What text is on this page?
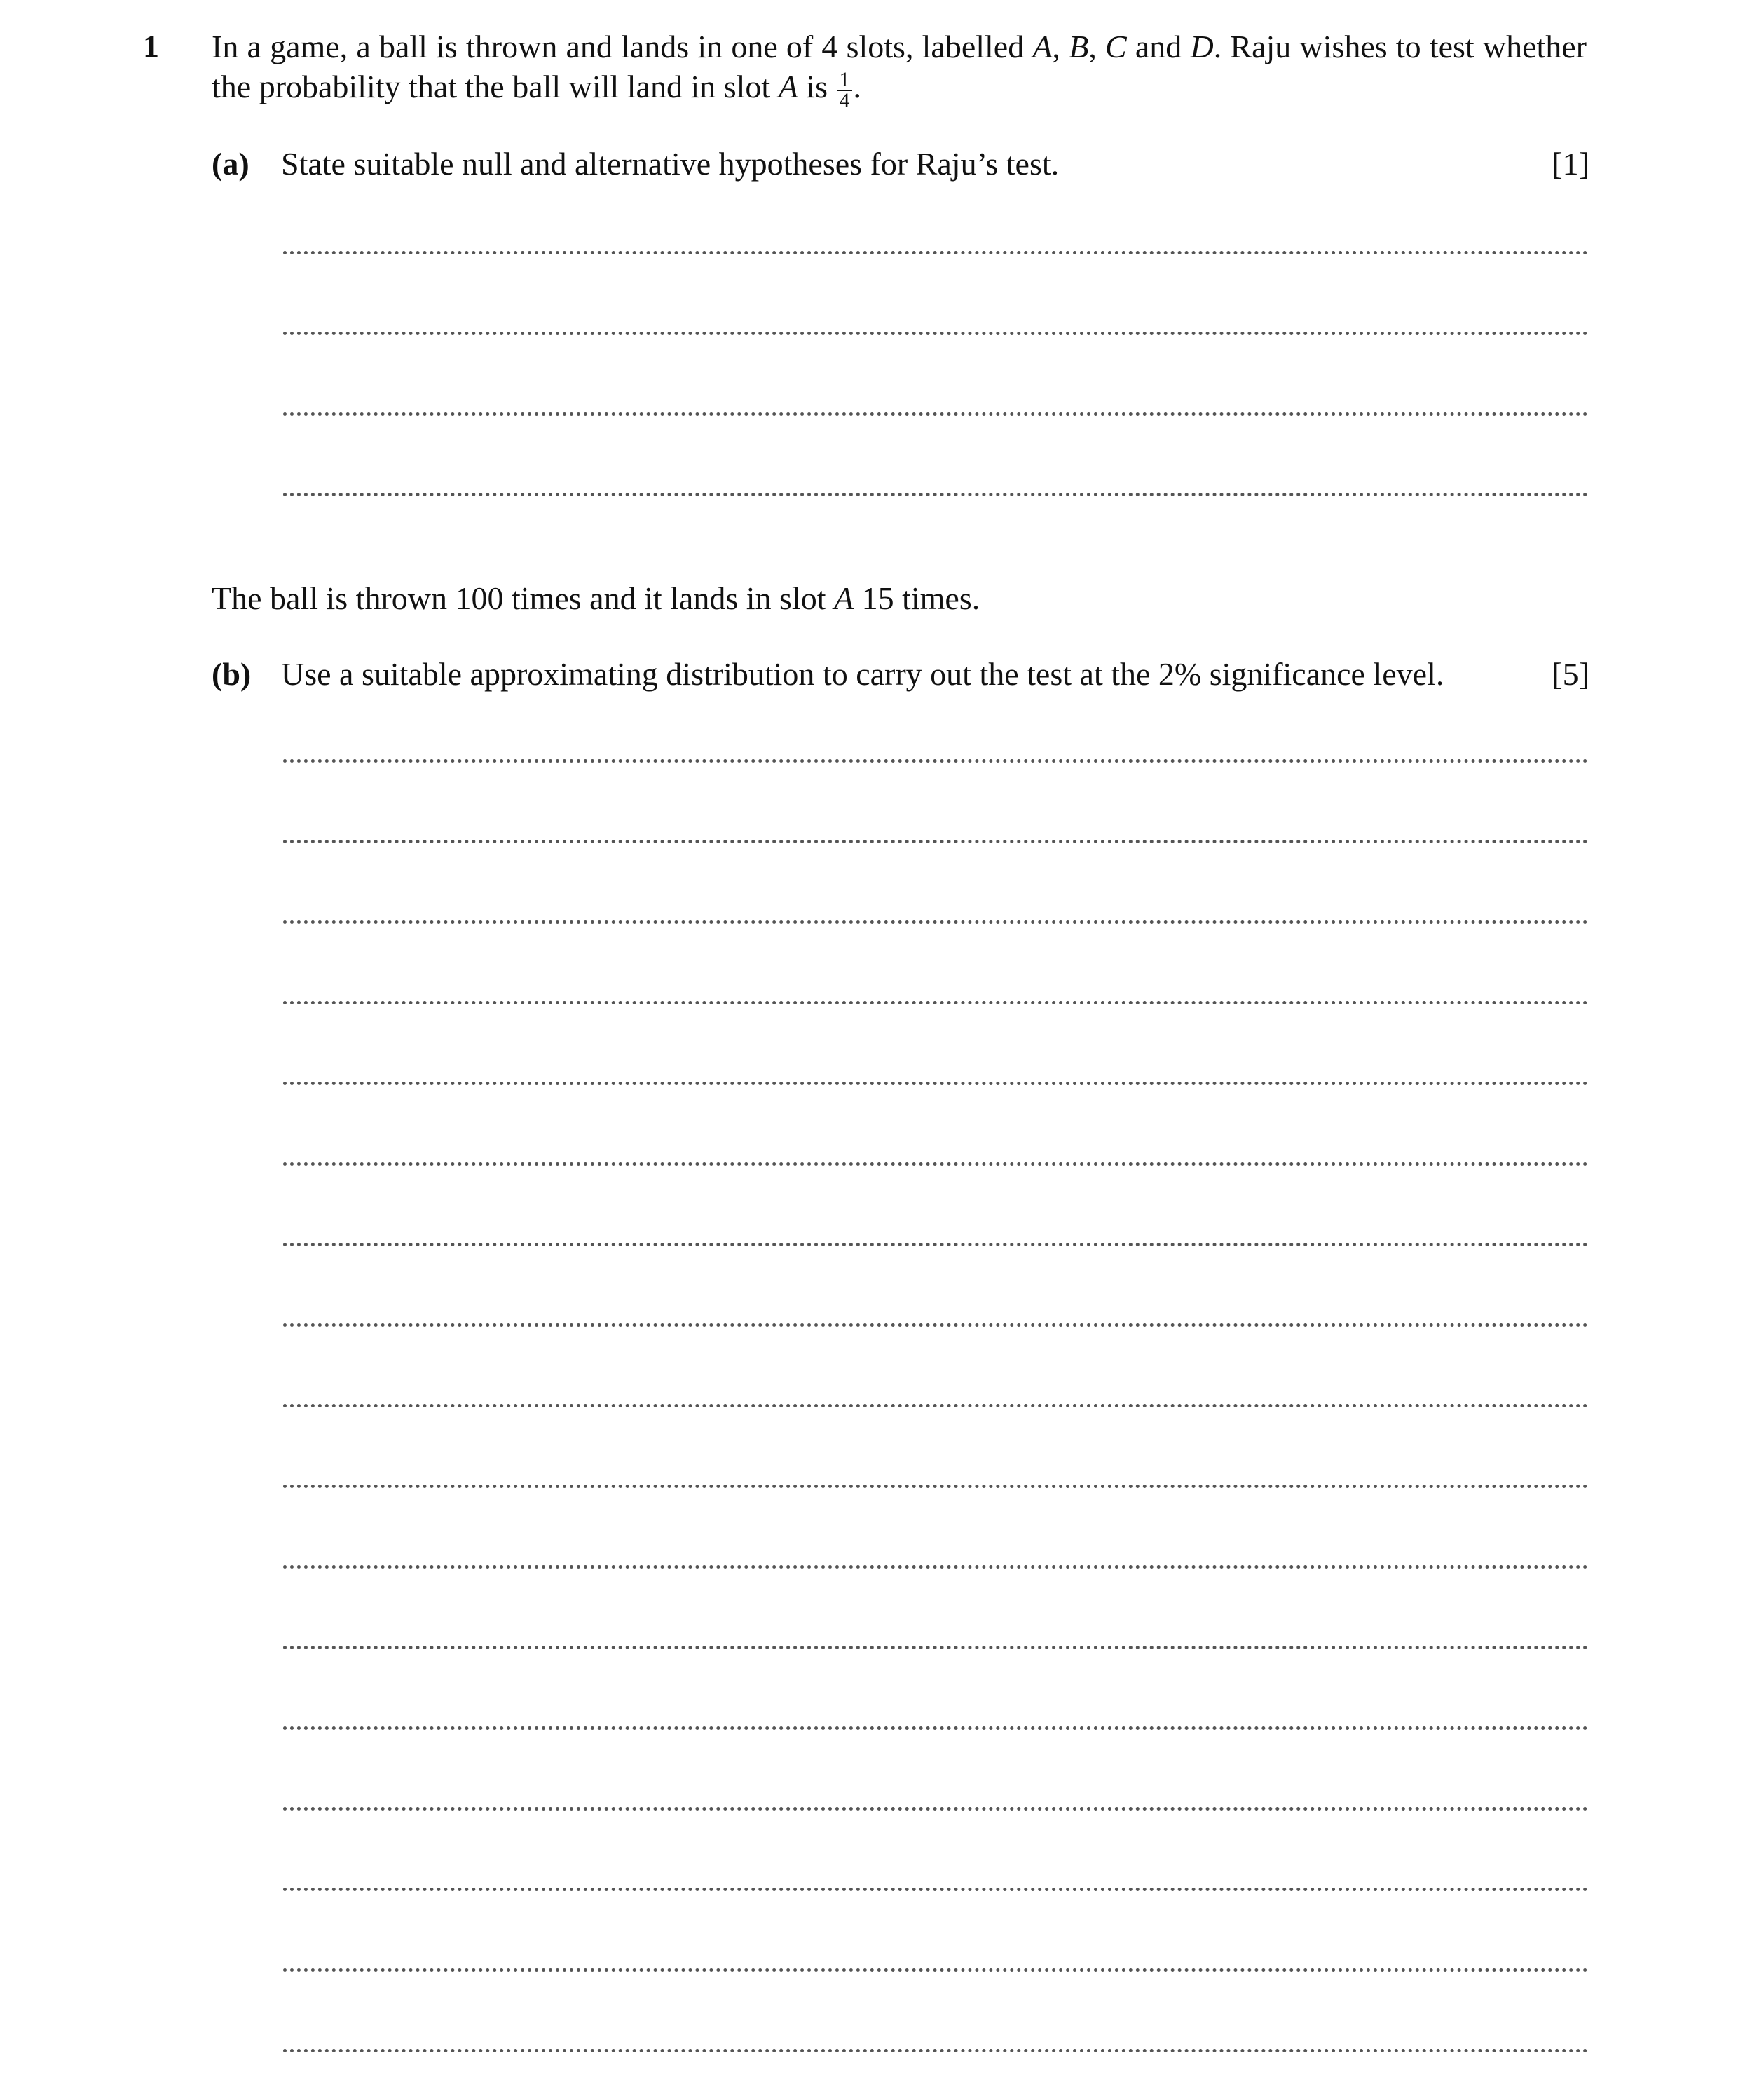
1 In a game, a ball is thrown and lands in one of 4 slots, labelled A, B, C and D. Raju wishes to test whether the probability that the ball will land in slot A is $\frac{1}{4}$ .
(a) State suitable null and alternative hypotheses for Raju’s test.	[1]
The ball is thrown 100 times and it lands in slot A 15 times.
(b) Use a suitable approximating distribution to carry out the test at the 2% significance level.	[5]
